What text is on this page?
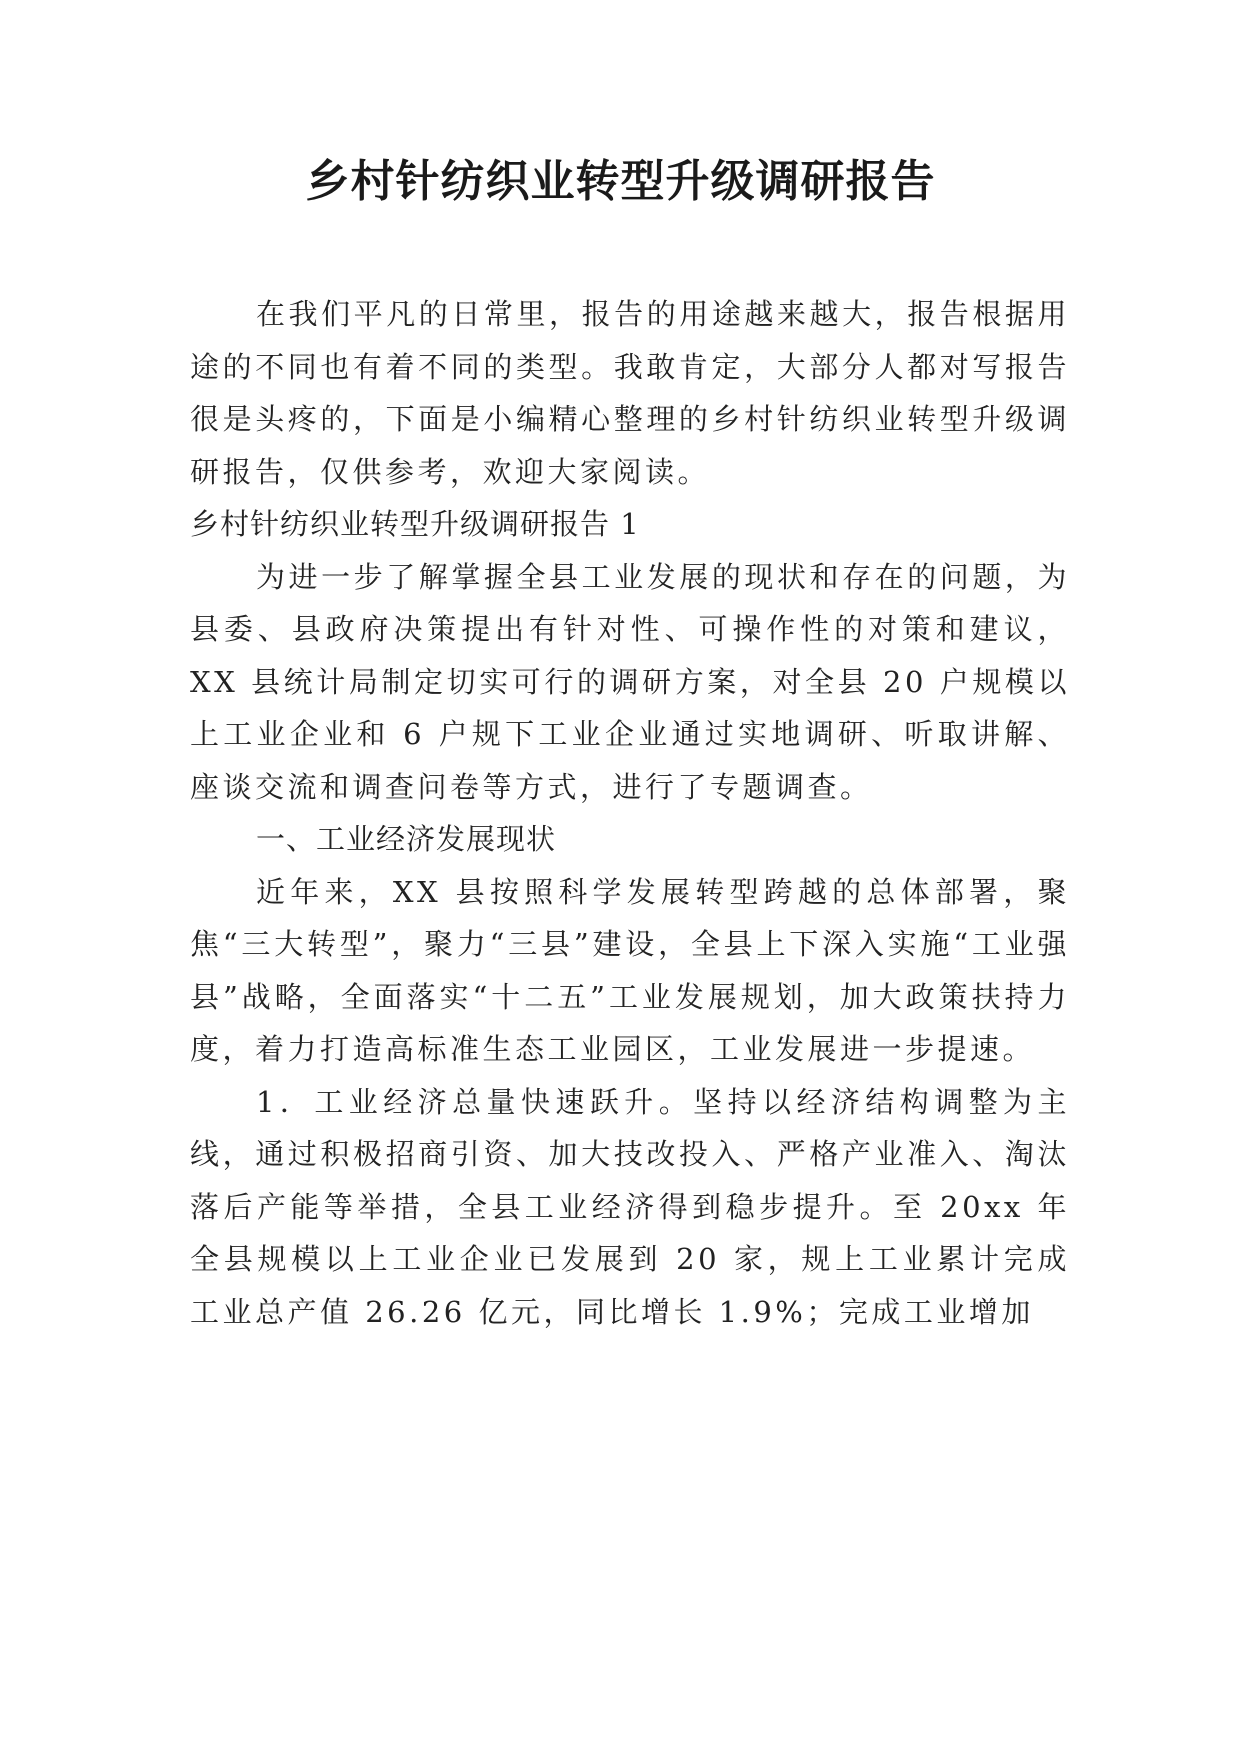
乡村针纺织业转型升级调研报告

在我们平凡的日常里，报告的用途越来越大，报告根据用途的不同也有着不同的类型。我敢肯定，大部分人都对写报告很是头疼的，下面是小编精心整理的乡村针纺织业转型升级调研报告，仅供参考，欢迎大家阅读。

乡村针纺织业转型升级调研报告 1

为进一步了解掌握全县工业发展的现状和存在的问题，为县委、县政府决策提出有针对性、可操作性的对策和建议，XX 县统计局制定切实可行的调研方案，对全县 20 户规模以上工业企业和 6 户规下工业企业通过实地调研、听取讲解、座谈交流和调查问卷等方式，进行了专题调查。

一、工业经济发展现状

近年来，XX 县按照科学发展转型跨越的总体部署，聚焦“三大转型”，聚力“三县”建设，全县上下深入实施“工业强县”战略，全面落实“十二五”工业发展规划，加大政策扶持力度，着力打造高标准生态工业园区，工业发展进一步提速。

1．工业经济总量快速跃升。坚持以经济结构调整为主线，通过积极招商引资、加大技改投入、严格产业准入、淘汰落后产能等举措，全县工业经济得到稳步提升。至 20xx 年全县规模以上工业企业已发展到 20 家，规上工业累计完成工业总产值 26.26 亿元，同比增长 1.9%；完成工业增加
